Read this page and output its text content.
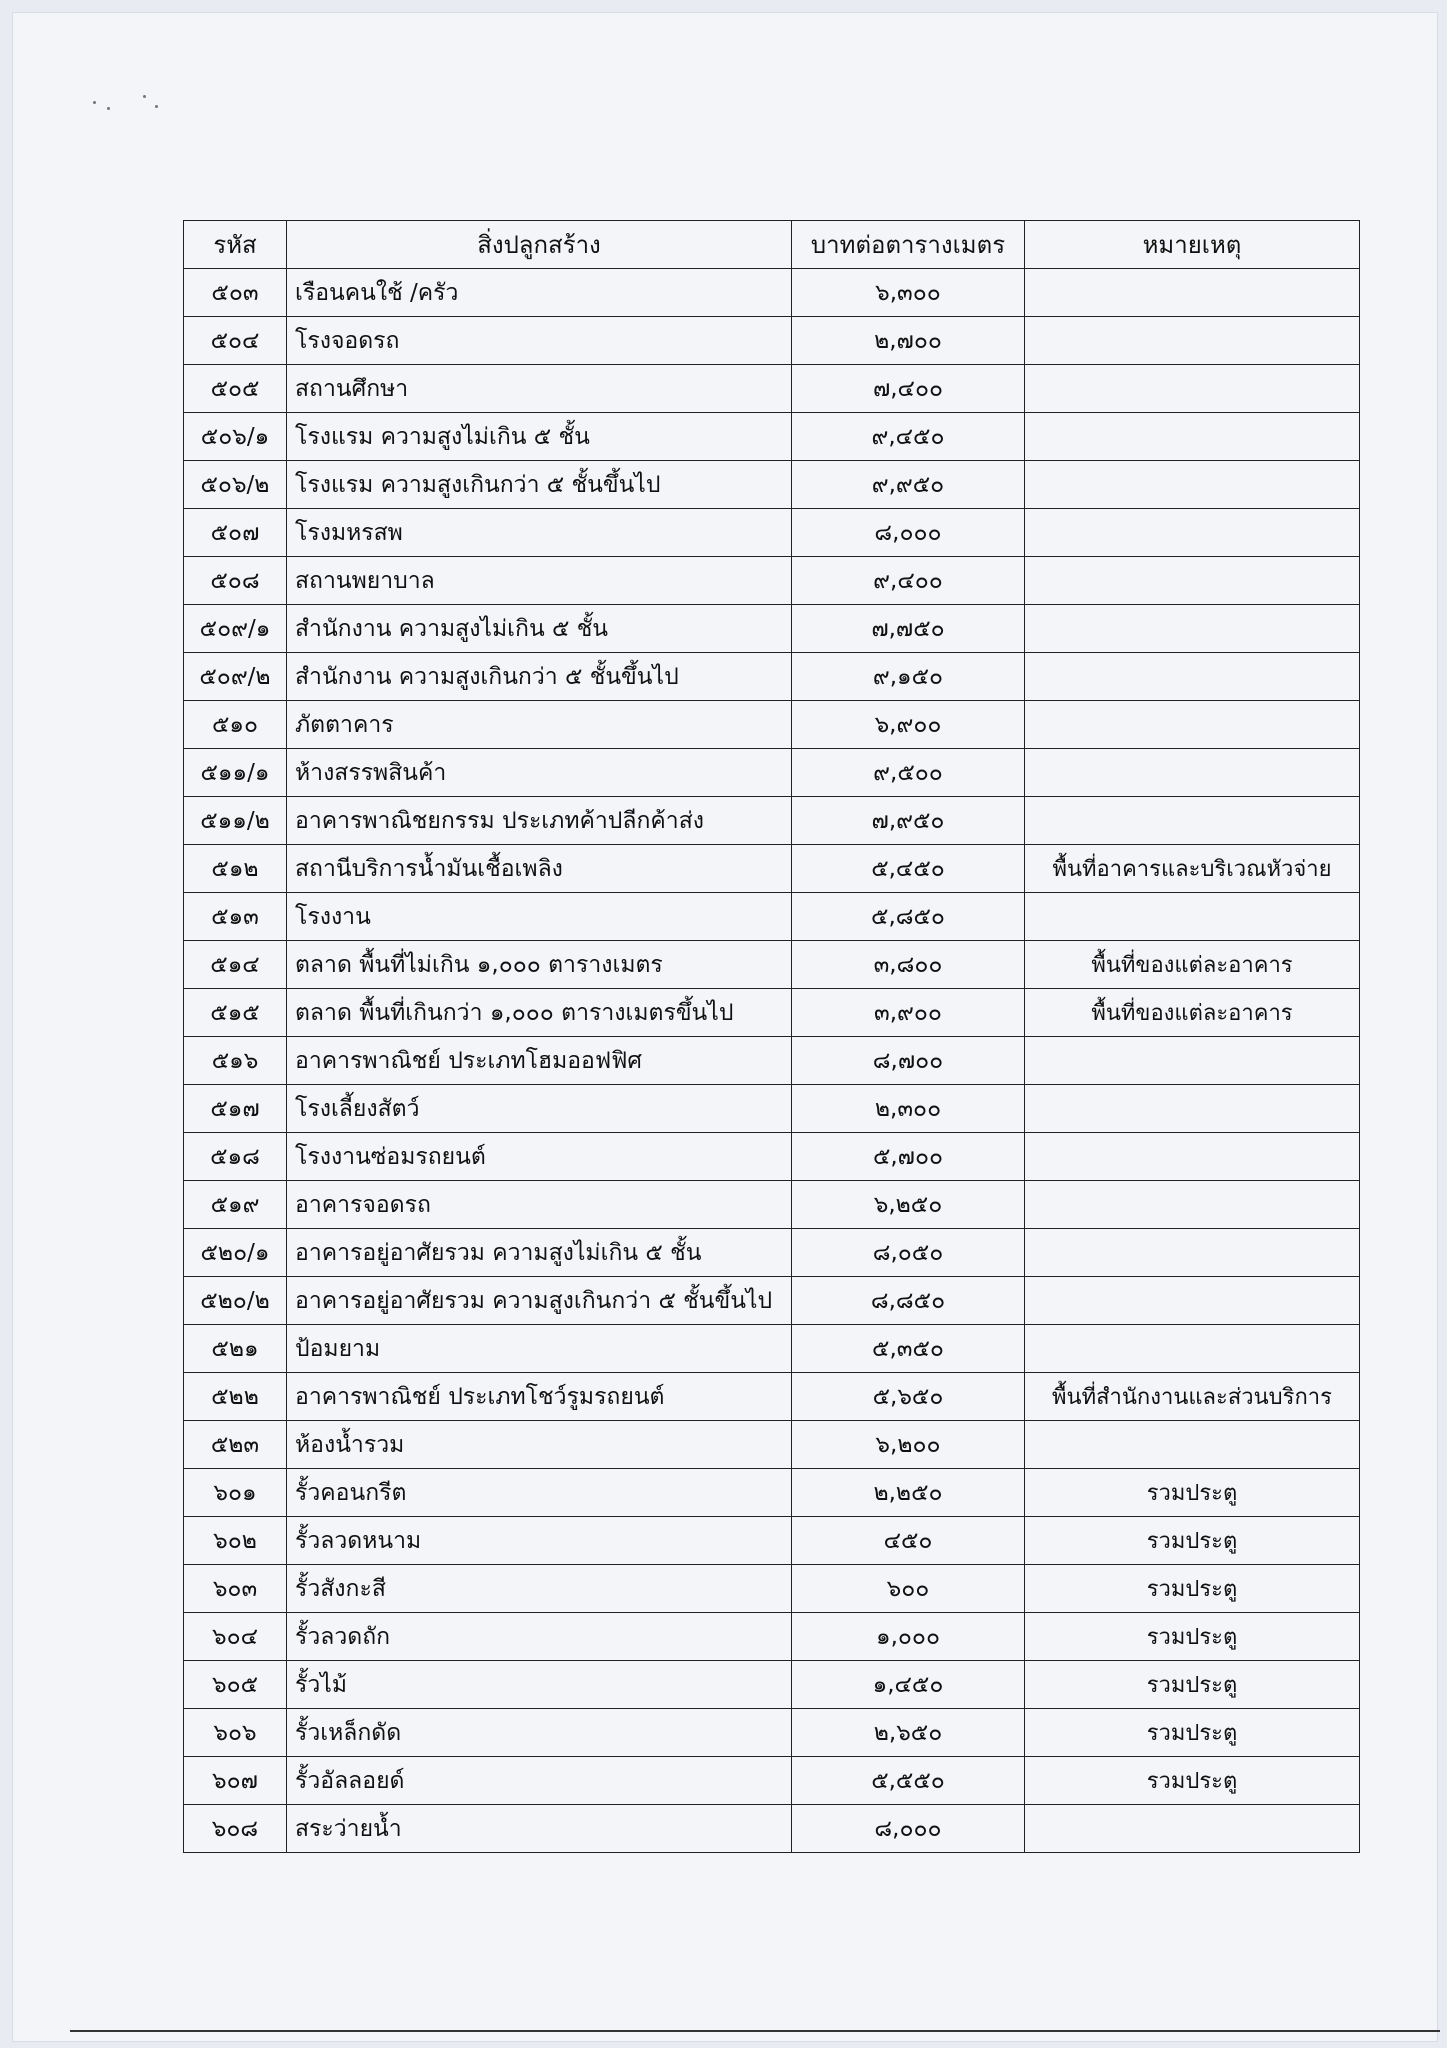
รหัส	สิ่งปลูกสร้าง	บาทต่อตารางเมตร	หมายเหตุ
๕๐๓	เรือนคนใช้ /ครัว	๖,๓๐๐	
๕๐๔	โรงจอดรถ	๒,๗๐๐	
๕๐๕	สถานศึกษา	๗,๔๐๐	
๕๐๖/๑	โรงแรม ความสูงไม่เกิน ๕ ชั้น	๙,๔๕๐	
๕๐๖/๒	โรงแรม ความสูงเกินกว่า ๕ ชั้นขึ้นไป	๙,๙๕๐	
๕๐๗	โรงมหรสพ	๘,๐๐๐	
๕๐๘	สถานพยาบาล	๙,๔๐๐	
๕๐๙/๑	สำนักงาน ความสูงไม่เกิน ๕ ชั้น	๗,๗๕๐	
๕๐๙/๒	สำนักงาน ความสูงเกินกว่า ๕ ชั้นขึ้นไป	๙,๑๕๐	
๕๑๐	ภัตตาคาร	๖,๙๐๐	
๕๑๑/๑	ห้างสรรพสินค้า	๙,๕๐๐	
๕๑๑/๒	อาคารพาณิชยกรรม ประเภทค้าปลีกค้าส่ง	๗,๙๕๐	
๕๑๒	สถานีบริการน้ำมันเชื้อเพลิง	๕,๔๕๐	พื้นที่อาคารและบริเวณหัวจ่าย
๕๑๓	โรงงาน	๕,๘๕๐	
๕๑๔	ตลาด พื้นที่ไม่เกิน ๑,๐๐๐ ตารางเมตร	๓,๘๐๐	พื้นที่ของแต่ละอาคาร
๕๑๕	ตลาด พื้นที่เกินกว่า ๑,๐๐๐ ตารางเมตรขึ้นไป	๓,๙๐๐	พื้นที่ของแต่ละอาคาร
๕๑๖	อาคารพาณิชย์ ประเภทโฮมออฟฟิศ	๘,๗๐๐	
๕๑๗	โรงเลี้ยงสัตว์	๒,๓๐๐	
๕๑๘	โรงงานซ่อมรถยนต์	๕,๗๐๐	
๕๑๙	อาคารจอดรถ	๖,๒๕๐	
๕๒๐/๑	อาคารอยู่อาศัยรวม ความสูงไม่เกิน ๕ ชั้น	๘,๐๕๐	
๕๒๐/๒	อาคารอยู่อาศัยรวม ความสูงเกินกว่า ๕ ชั้นขึ้นไป	๘,๘๕๐	
๕๒๑	ป้อมยาม	๕,๓๕๐	
๕๒๒	อาคารพาณิชย์ ประเภทโชว์รูมรถยนต์	๕,๖๕๐	พื้นที่สำนักงานและส่วนบริการ
๕๒๓	ห้องน้ำรวม	๖,๒๐๐	
๖๐๑	รั้วคอนกรีต	๒,๒๕๐	รวมประตู
๖๐๒	รั้วลวดหนาม	๔๕๐	รวมประตู
๖๐๓	รั้วสังกะสี	๖๐๐	รวมประตู
๖๐๔	รั้วลวดถัก	๑,๐๐๐	รวมประตู
๖๐๕	รั้วไม้	๑,๔๕๐	รวมประตู
๖๐๖	รั้วเหล็กดัด	๒,๖๕๐	รวมประตู
๖๐๗	รั้วอัลลอยด์	๕,๕๕๐	รวมประตู
๖๐๘	สระว่ายน้ำ	๘,๐๐๐	
